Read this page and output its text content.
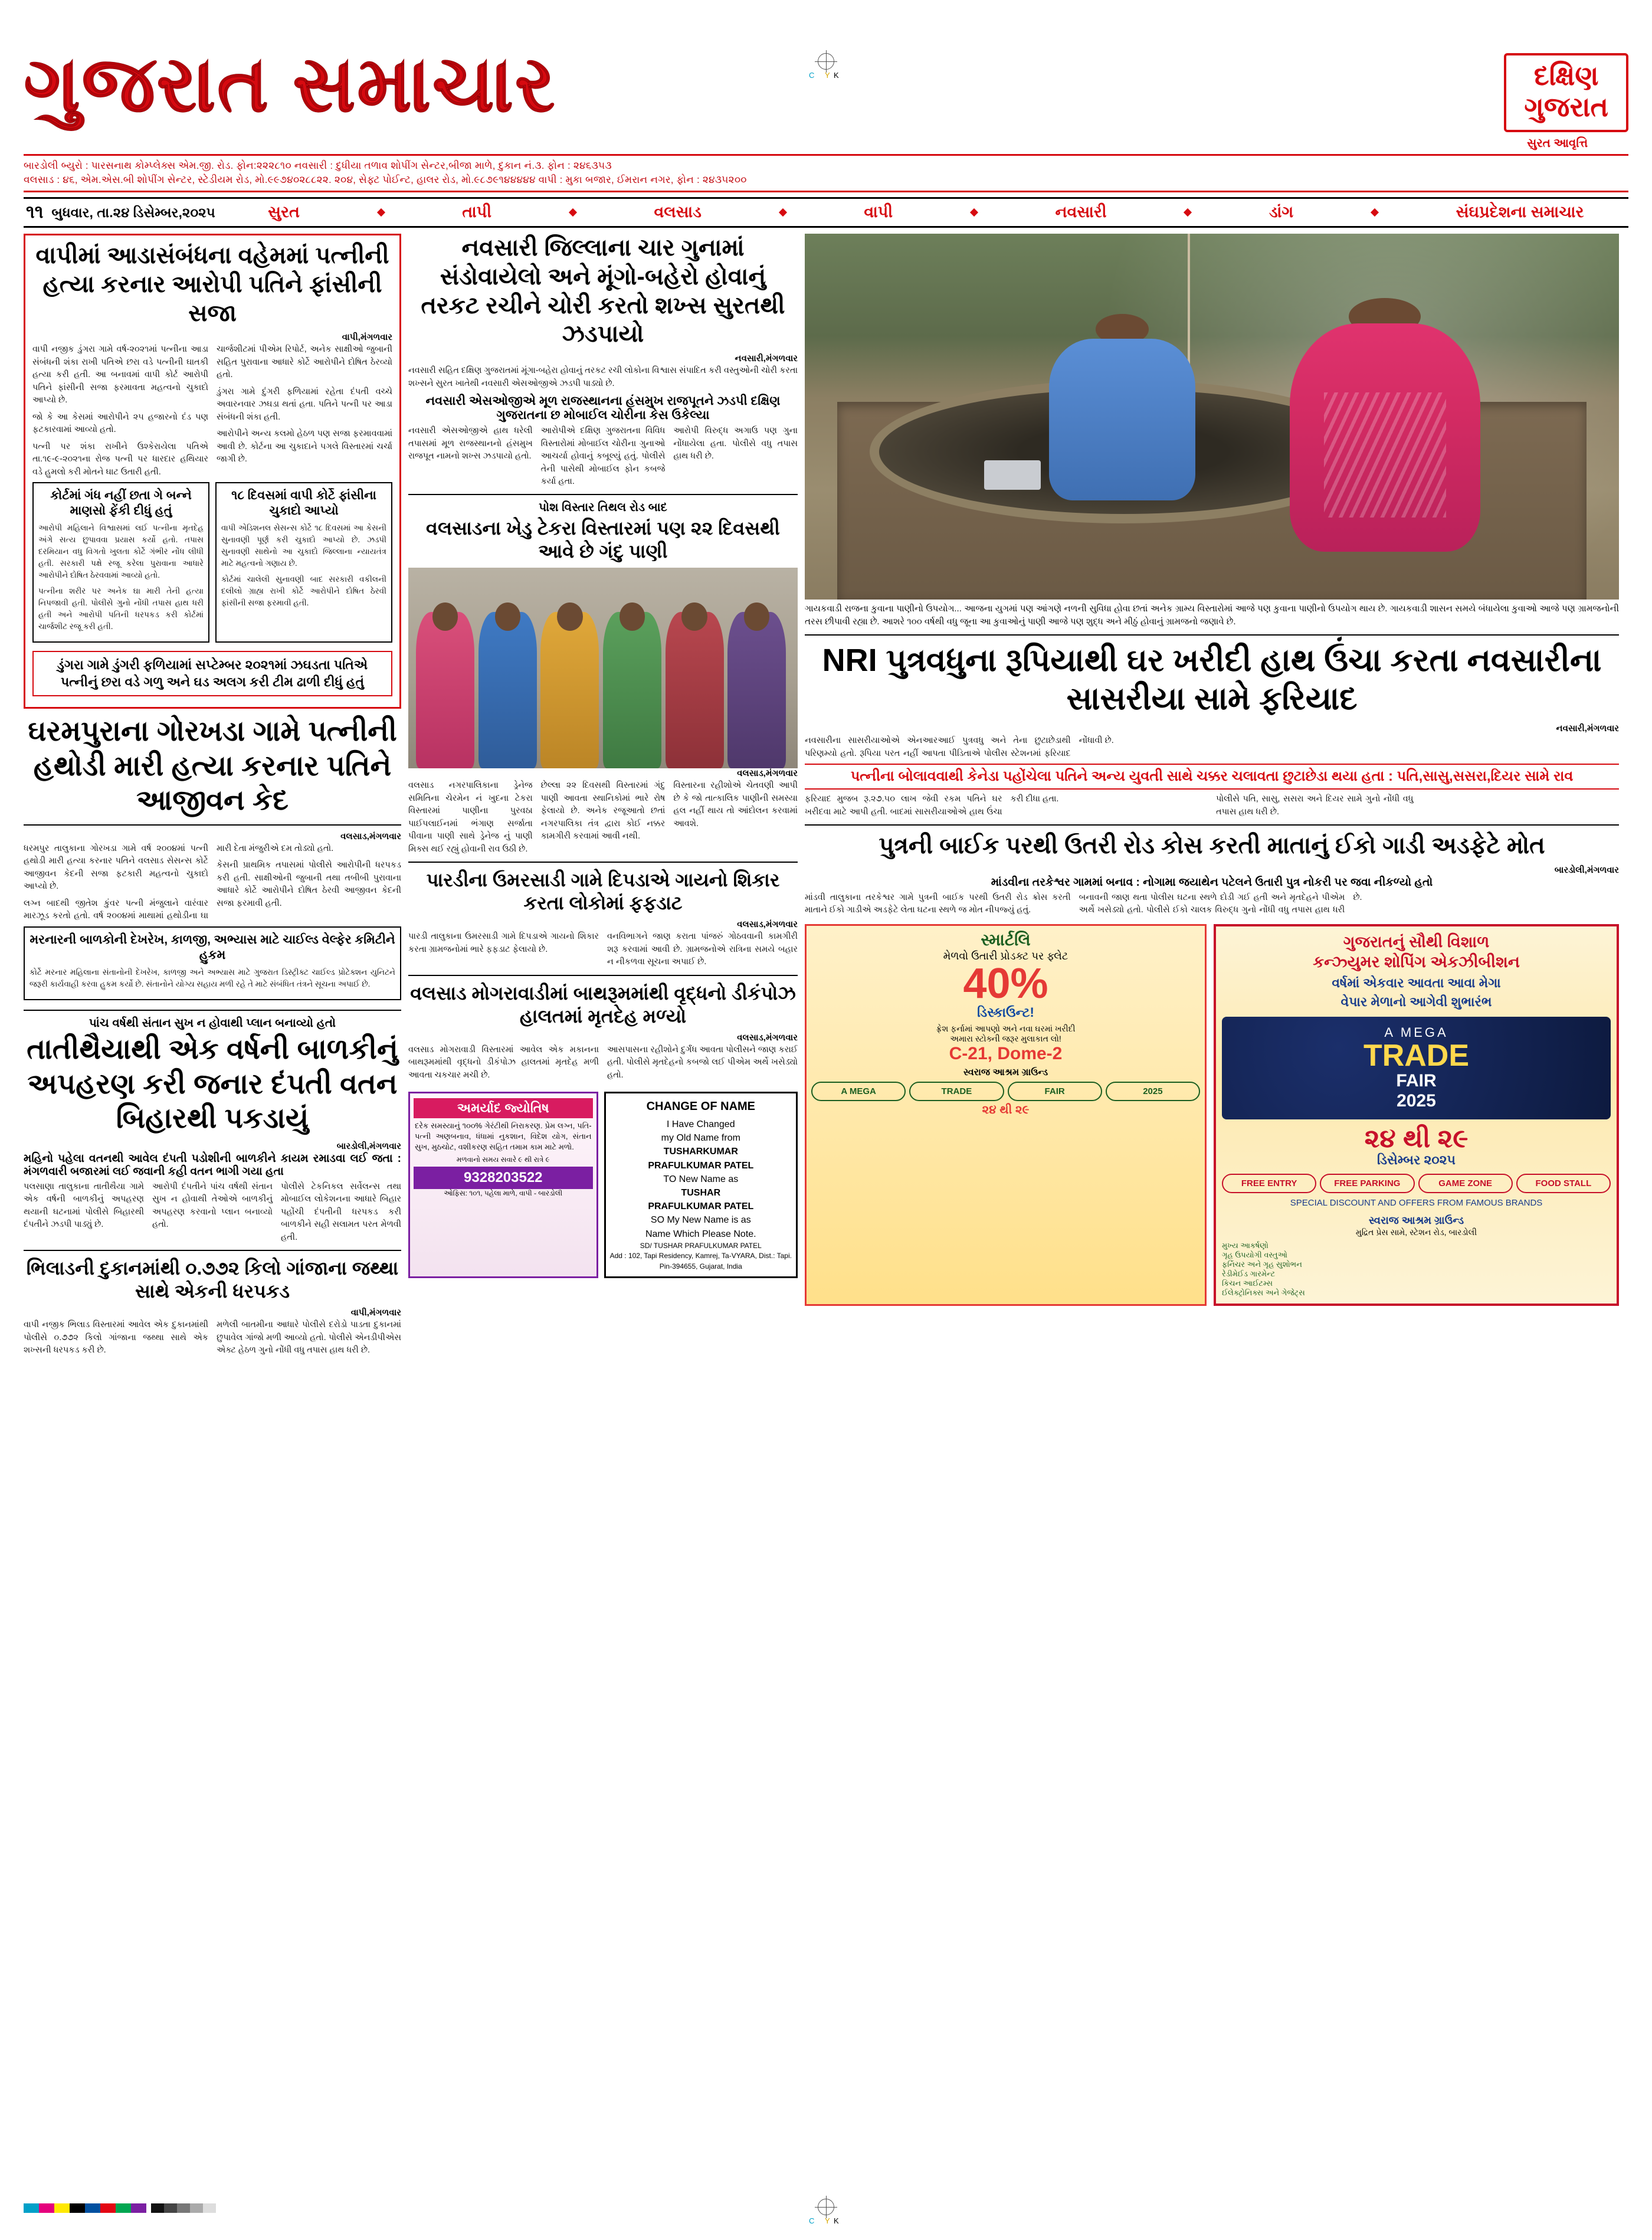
C Y K
ગુજરાત સમાચાર	દક્ષિણ
ગુજરાત
સુરત આવૃત્તિ
બારડોલી બ્યુરો : પારસનાથ કોમ્પ્લેક્સ એમ.જી. રોડ. ફોન:૨૨૨૮૧૦ નવસારી : દુધીયા તળાવ શોપીંગ સેન્ટર,બીજા માળે, દુકાન નં.૩. ફોન : ૨૪૬૩૫૩
વલસાડ : ૪૬, એમ.એસ.બી શોપીંગ સેન્ટર, સ્ટેડીયમ રોડ, મો.૯૯૭૪૦૨૮૮૨૨. ૨૦૪, સેફ્ટ પોઈન્ટ, હાલર રોડ, મો.૯૮૭૯૧૪૪૪૪૪ વાપી : મુકા બજાર, ઈમરાન નગર, ફોન : ૨૪૩૫૨૦૦
૧૧ બુધવાર, તા.૨૪ ડિસેમ્બર,૨૦૨૫	સુરત	તાપી	વલસાડ	વાપી	નવસારી	ડાંગ	સંઘપ્રદેશના સમાચાર
વાપીમાં આડાસંબંધના વહેમમાં પત્નીની હત્યા કરનાર આરોપી પતિને ફાંસીની સજા
વાપી,મંગળવાર

વાપી નજીક ડુંગરા ગામે વર્ષ-૨૦૨૧માં પત્નીના આડા સંબંધની શંકા રાખી પતિએ છરા વડે પત્નીની ઘાતકી હત્યા કરી હતી. આ બનાવમાં વાપી કોર્ટ આરોપી પતિને ફાંસીની સજા ફરમાવતા મહત્વનો ચુકાદો આપ્યો છે.

જો કે આ કેસમાં આરોપીને ૨૫ હજારનો દંડ પણ ફટકારવામાં આવ્યો હતો.

પત્ની પર શંકા રાખીને ઉશ્કેરાયેલા પતિએ તા.૧૯-૯-૨૦૨૧ના રોજ પત્ની પર ધારદાર હથિયાર વડે હુમલો કરી મોતને ઘાટ ઉતારી હતી.

ચાર્જશીટમાં પીએમ રિપોર્ટ, અનેક સાક્ષીઓ જુબાની સહિત પુરાવાના આધારે કોર્ટે આરોપીને દોષિત ઠેરવ્યો હતો.

ડુંગરા ગામે દુંગરી ફળિયામાં રહેતા દંપતી વચ્ચે અવારનવાર ઝઘડા થતાં હતા. પતિને પત્ની પર આડા સંબંધની શંકા હતી.

આરોપીને અન્ય કલમો હેઠળ પણ સજા ફરમાવવામાં આવી છે. કોર્ટના આ ચુકાદાને પગલે વિસ્તારમાં ચર્ચા જાગી છે.

કોર્ટમાં ગંધ નહીં છતા ગે બન્ને માણસો ફેંકી દીધું હતું

આરોપી મહિલાને વિશ્વાસમાં લઈ પત્નીના મૃતદેહ અંગે સત્ય છુપાવવા પ્રયાસ કર્યો હતો. તપાસ દરમિયાન વધુ વિગતો ખુલતા કોર્ટે ગંભીર નોંધ લીધી હતી. સરકારી પક્ષે રજૂ કરેલા પુરાવાના આધારે આરોપીને દોષિત ઠેરવવામાં આવ્યો હતો.

પત્નીના શરીર પર અનેક ઘા મારી તેની હત્યા નિપજાવી હતી. પોલીસે ગુનો નોંધી તપાસ હાથ ધરી હતી અને આરોપી પતિની ધરપકડ કરી કોર્ટમાં ચાર્જશીટ રજૂ કરી હતી.

૧૮ દિવસમાં વાપી કોર્ટે ફાંસીના ચુકાદો આપ્યો

વાપી એડિશનલ સેસન્સ કોર્ટે ૧૮ દિવસમાં આ કેસની સુનાવણી પૂર્ણ કરી ચુકાદો આપ્યો છે. ઝડપી સુનાવણી સાથેનો આ ચુકાદો જિલ્લાના ન્યાયતંત્ર માટે મહત્વનો ગણાય છે.

કોર્ટમાં ચાલેલી સુનાવણી બાદ સરકારી વકીલની દલીલો ગ્રાહ્ય રાખી કોર્ટે આરોપીને દોષિત ઠેરવી ફાંસીની સજા ફરમાવી હતી.

ડુંગરા ગામે ડુંગરી ફળિયામાં સપ્ટેમ્બર ૨૦૨૧માં ઝઘડતા પતિએ પત્નીનું છરા વડે ગળુ અને ઘડ અલગ કરી ટીમ ઢાળી દીધું હતું
ઘરમપુરાના ગોરખડા ગામે પત્નીની હથોડી મારી હત્યા કરનાર પતિને આજીવન કેદ
વલસાડ,મંગળવાર

ધરમપુર તાલુકાના ગોરખડા ગામે વર્ષ ૨૦૦૪માં પત્ની હથોડી મારી હત્યા કરનાર પતિને વલસાડ સેસન્સ કોર્ટે આજીવન કેદની સજા ફટકારી મહત્વનો ચુકાદો આપ્યો છે.

લગ્ન બાદથી જીતેશ કુંવર પત્ની મંજુલાને વારંવાર મારઝૂડ કરતો હતો. વર્ષ ૨૦૦૪માં માથામાં હથોડીના ઘા મારી દેતા મંજુરીએ દમ તોડ્યો હતો.

કેસની પ્રાથમિક તપાસમાં પોલીસે આરોપીની ધરપકડ કરી હતી. સાક્ષીઓની જુબાની તથા તબીબી પુરાવાના આધારે કોર્ટે આરોપીને દોષિત ઠેરવી આજીવન કેદની સજા ફરમાવી હતી.

મરનારની બાળકોની દેખરેખ, કાળજી, અભ્યાસ માટે ચાઈલ્ડ વેલ્ફેર કમિટીને હુકમ

કોર્ટે મરનાર મહિલાના સંતાનોની દેખરેખ, કાળજી અને અભ્યાસ માટે ગુજરાત ડિસ્ટ્રીક્ટ ચાઈલ્ડ પ્રોટેક્શન યુનિટને જરૂરી કાર્યવાહી કરવા હુકમ કર્યો છે. સંતાનોને યોગ્ય સહાય મળી રહે તે માટે સંબંધિત તંત્રને સૂચના અપાઈ છે.

પાંચ વર્ષથી સંતાન સુખ ન હોવાથી પ્લાન બનાવ્યો હતો
તાતીથૈયાથી એક વર્ષની બાળકીનું અપહરણ કરી જનાર દંપતી વતન બિહારથી પકડાયું
બારડોલી,મંગળવાર
મહિનો પહેલા વતનથી આવેલ દંપતી પડોશીની બાળકીને કાયમ રમાડવા લઈ જતા : મંગળવારી બજારમાં લઈ જવાની કહી વતન ભાગી ગયા હતા

પલસાણા તાલુકાના તાતીથૈયા ગામે એક વર્ષની બાળકીનું અપહરણ થયાની ઘટનામાં પોલીસે બિહારથી દંપતીને ઝડપી પાડ્યું છે.

આરોપી દંપતીને પાંચ વર્ષથી સંતાન સુખ ન હોવાથી તેઓએ બાળકીનું અપહરણ કરવાનો પ્લાન બનાવ્યો હતો.

પોલીસે ટેકનિકલ સર્વેલન્સ તથા મોબાઈલ લોકેશનના આધારે બિહાર પહોંચી દંપતીની ધરપકડ કરી બાળકીને સહી સલામત પરત મેળવી હતી.

ભિલાડની દુકાનમાંથી ૦.૭૭૨ કિલો ગાંજાના જથ્થા સાથે એકની ધરપકડ
વાપી,મંગળવાર

વાપી નજીક ભિલાડ વિસ્તારમાં આવેલ એક દુકાનમાંથી પોલીસે ૦.૭૭૨ કિલો ગાંજાના જથ્થા સાથે એક શખ્સની ધરપકડ કરી છે.

મળેલી બાતમીના આધારે પોલીસે દરોડો પાડતા દુકાનમાં છુપાવેલ ગાંજો મળી આવ્યો હતો. પોલીસે એનડીપીએસ એક્ટ હેઠળ ગુનો નોંધી વધુ તપાસ હાથ ધરી છે.

નવસારી જિલ્લાના ચાર ગુનામાં સંડોવાયેલો અને મૂંગો-બહેરો હોવાનું તરકટ રચીને ચોરી કરતો શખ્સ સુરતથી ઝડપાયો
નવસારી,મંગળવાર

નવસારી સહિત દક્ષિણ ગુજરાતમાં મૂંગા-બહેરા હોવાનું તરકટ રચી લોકોના વિશ્વાસ સંપાદિત કરી વસ્તુઓની ચોરી કરતા શખ્સને સુરત ખાતેથી નવસારી એસઓજીએ ઝડપી પાડ્યો છે.

નવસારી એસઓજીએ મૂળ રાજસ્થાનના હંસમુખ રાજપૂતને ઝડપી દક્ષિણ ગુજરાતના છ મોબાઈલ ચોરીના કેસ ઉકેલ્યા

નવસારી એસઓજીએ હાથ ધરેલી તપાસમાં મૂળ રાજસ્થાનનો હંસમુખ રાજપૂત નામનો શખ્સ ઝડપાયો હતો.

આરોપીએ દક્ષિણ ગુજરાતના વિવિધ વિસ્તારોમાં મોબાઈલ ચોરીના ગુનાઓ આચર્યા હોવાનું કબૂલ્યું હતું. પોલીસે તેની પાસેથી મોબાઈલ ફોન કબજે કર્યા હતા.

આરોપી વિરુદ્ધ અગાઉ પણ ગુના નોંધાયેલા હતા. પોલીસે વધુ તપાસ હાથ ધરી છે.

પોશ વિસ્તાર તિથલ રોડ બાદ
વલસાડના ખેડુ ટેકરા વિસ્તારમાં પણ ૨૨ દિવસથી આવે છે ગંદુ પાણી
વલસાડ,મંગળવાર

વલસાડ નગરપાલિકાના ડ્રેનેજ સમિતિના ચેરમેન નં ખુદના ટેકરા વિસ્તારમાં પાણીના પુરવઠા પાઈપલાઈનમાં ભંગાણ સર્જાતા પીવાના પાણી સાથે ડ્રેનેજ નું પાણી મિક્સ થઈ રહ્યું હોવાની રાવ ઉઠી છે.

છેલ્લા ૨૨ દિવસથી વિસ્તારમાં ગંદુ પાણી આવતા સ્થાનિકોમાં ભારે રોષ ફેલાયો છે. અનેક રજૂઆતો છતાં નગરપાલિકા તંત્ર દ્વારા કોઈ નક્કર કામગીરી કરવામાં આવી નથી.

વિસ્તારના રહીશોએ ચેતવણી આપી છે કે જો તાત્કાલિક પાણીની સમસ્યા હલ નહીં થાય તો આંદોલન કરવામાં આવશે.

પારડીના ઉમરસાડી ગામે દિપડાએ ગાયનો શિકાર કરતા લોકોમાં ફફડાટ
વલસાડ,મંગળવાર

પારડી તાલુકાના ઉમરસાડી ગામે દિપડાએ ગાયનો શિકાર કરતા ગ્રામજનોમાં ભારે ફફડાટ ફેલાયો છે.

વનવિભાગને જાણ કરાતા પાંજરું ગોઠવવાની કામગીરી શરૂ કરવામાં આવી છે. ગ્રામજનોએ રાત્રિના સમયે બહાર ન નીકળવા સૂચના અપાઈ છે.

વલસાડ મોગરાવાડીમાં બાથરૂમમાંથી વૃદ્ધનો ડીકંપોઝ હાલતમાં મૃતદેહ મળ્યો
વલસાડ,મંગળવાર

વલસાડ મોગરાવાડી વિસ્તારમાં આવેલ એક મકાનના બાથરૂમમાંથી વૃદ્ધનો ડીકંપોઝ હાલતમાં મૃતદેહ મળી આવતા ચકચાર મચી છે.

આસપાસના રહીશોને દુર્ગંધ આવતા પોલીસને જાણ કરાઈ હતી. પોલીસે મૃતદેહનો કબજો લઈ પીએમ અર્થે ખસેડ્યો હતો.

અમર્યાદ જ્યોતિષ
દરેક સમસ્યાનું ૧૦૦% ગેરંટીથી નિરાકરણ. પ્રેમ લગ્ન, પતિ-પત્ની અણબનાવ, ધંધામાં નુકશાન, વિદેશ યોગ, સંતાન સુખ, મુઠચોટ, વશીકરણ સહિત તમામ કામ માટે મળો.
મળવાનો સમય સવારે ૯ થી રાત્રે ૯
9328203522
ઓફિસ: ૧૦૧, પહેલા માળે, વાપી - બારડોલી
CHANGE OF NAME
I Have Changed
my Old Name from
TUSHARKUMAR
PRAFULKUMAR PATEL
TO New Name as
TUSHAR
PRAFULKUMAR PATEL
SO My New Name is as
Name Which Please Note.
SD/ TUSHAR PRAFULKUMAR PATEL
Add : 102, Tapi Residency, Kamrej, Ta-VYARA, Dist.: Tapi. Pin-394655, Gujarat, India
ગાયકવાડી રાજના કુવાના પાણીનો ઉપયોગ... આજના યુગમાં પણ આંગણે નળની સુવિધા હોવા છતાં અનેક ગ્રામ્ય વિસ્તારોમાં આજે પણ કુવાના પાણીનો ઉપયોગ થાય છે. ગાયકવાડી શાસન સમયે બંધાયેલા કુવાઓ આજે પણ ગ્રામજનોની તરસ છીપાવી રહ્યા છે. આશરે ૧૦૦ વર્ષથી વધુ જૂના આ કુવાઓનું પાણી આજે પણ શુદ્ધ અને મીઠું હોવાનું ગ્રામજનો જણાવે છે.
NRI પુત્રવધુના રૂપિયાથી ઘર ખરીદી હાથ ઉંચા કરતા નવસારીના સાસરીયા સામે ફરિયાદ
નવસારી,મંગળવાર

નવસારીના સાસરીયાઓએ એનઆરઆઈ પુત્રવધુ અને તેના છુટાછેડાથી પરિણમ્યો હતો. રૂપિયા પરત નહીં આપતા પીડિતાએ પોલીસ સ્ટેશનમાં ફરિયાદ નોંધાવી છે.

પત્નીના બોલાવવાથી કેનેડા પહોંચેલા પતિને અન્ય યુવતી સાથે ચક્કર ચલાવતા છુટાછેડા થયા હતા : પતિ,સાસુ,સસરા,દિયર સામે રાવ

ફરિયાદ મુજબ રૂ.૨૭.૫૦ લાખ જેવી રકમ પતિને ઘર ખરીદવા માટે આપી હતી. બાદમાં સાસરીયાઓએ હાથ ઉંચા કરી દીધા હતા.	પોલીસે પતિ, સાસુ, સસરા અને દિયર સામે ગુનો નોંધી વધુ તપાસ હાથ ધરી છે.

પુત્રની બાઈક પરથી ઉતરી રોડ કોસ કરતી માતાનું ઈકો ગાડી અડફેટે મોત
બારડોલી,મંગળવાર
માંડવીના તરકેશ્વર ગામમાં બનાવ : નોગામા જયાથેન પટેલને ઉતારી પુત્ર નોકરી પર જવા નીકળ્યો હતો

માંડવી તાલુકાના તરકેશ્વર ગામે પુત્રની બાઈક પરથી ઉતરી રોડ ક્રોસ કરતી માતાને ઈકો ગાડીએ અડફેટે લેતા ઘટના સ્થળે જ મોત નીપજ્યું હતું.

બનાવની જાણ થતા પોલીસ ઘટના સ્થળે દોડી ગઈ હતી અને મૃતદેહને પીએમ અર્થે ખસેડ્યો હતો. પોલીસે ઈકો ચાલક વિરુદ્ધ ગુનો નોંધી વધુ તપાસ હાથ ધરી છે.

સ્માર્ટલિ
મેળવો ઉતારી પ્રોડક્ટ પર ફ્લેટ
40%
ડિસ્કાઉન્ટ!
ફ્રેશ ફર્નામાં આપણો અને નવા ઘરમાં ખરીદી
અમારા સ્ટોક્ની જરૂર મુલાકાત લો!
C-21, Dome-2
સ્વરાજ આશ્રમ ગ્રાઉન્ડ
A MEGA	TRADE	FAIR	2025
૨૪ થી ૨૯
ગુજરાતનું સૌથી વિશાળ
કન્ઝ્યુમર શોપિંગ એકઝીબીશન
વર્ષમાં એકવાર આવતા આવા મેગા
વેપાર મેળાનો આગેવી શુભારંભ
A MEGA
TRADE
FAIR
2025
૨૪ થી ૨૯
ડિસેમ્બર ૨૦૨૫
FREE ENTRY	FREE PARKING	GAME ZONE	FOOD STALL
SPECIAL DISCOUNT AND OFFERS FROM FAMOUS BRANDS
સ્વરાજ આશ્રમ ગ્રાઉન્ડ
મુદ્રિત પ્રેસ સામે, સ્ટેશન રોડ, બારડોલી
મુખ્ય આકર્ષણો
ગૃહ ઉપયોગી વસ્તુઓ
ફર્નિચર અને ગૃહ સુશોભન
રેડીમેઈડ ગારમેન્ટ
કિચન આઈટમ્સ
ઈલેક્ટ્રોનિક્સ અને ગેજેટ્સ
C Y K
